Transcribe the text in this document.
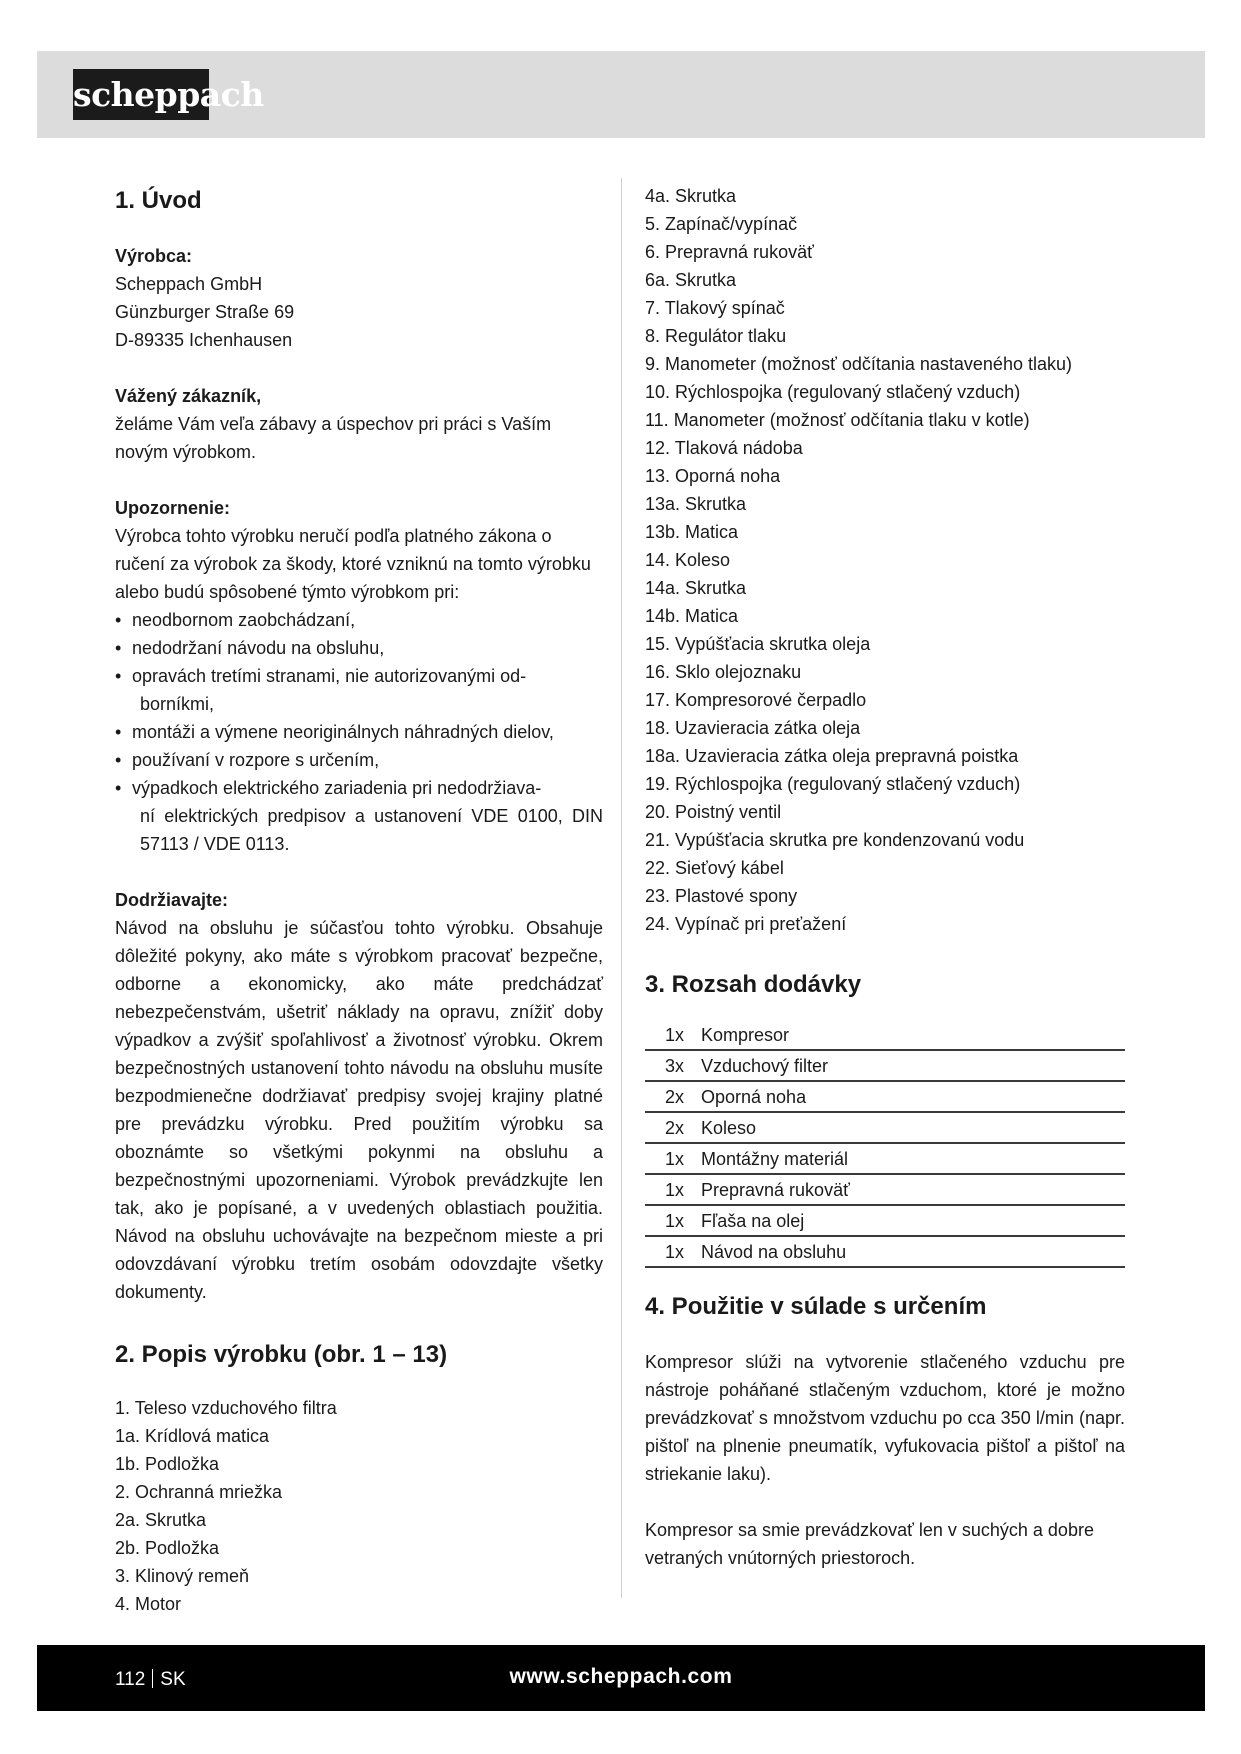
scheppach
1. Úvod
Výrobca:
Scheppach GmbH
Günzburger Straße 69
D-89335 Ichenhausen
Vážený zákazník,
želáme Vám veľa zábavy a úspechov pri práci s Vaším novým výrobkom.
Upozornenie:
Výrobca tohto výrobku neručí podľa platného zákona o ručení za výrobok za škody, ktoré vzniknú na tomto výrobku alebo budú spôsobené týmto výrobkom pri:
• neodbornom zaobchádzaní,
• nedodržaní návodu na obsluhu,
• opravách tretími stranami, nie autorizovanými od-
borníkmi,
• montáži a výmene neoriginálnych náhradných dielov,
• používaní v rozpore s určením,
• výpadkoch elektrického zariadenia pri nedodržiava-
ní elektrických predpisov a ustanovení VDE 0100, DIN 57113 / VDE 0113.
Dodržiavajte:
Návod na obsluhu je súčasťou tohto výrobku. Obsahuje dôležité pokyny, ako máte s výrobkom pracovať bezpečne, odborne a ekonomicky, ako máte predchádzať nebezpečenstvám, ušetriť náklady na opravu, znížiť doby výpadkov a zvýšiť spoľahlivosť a životnosť výrobku. Okrem bezpečnostných ustanovení tohto návodu na obsluhu musíte bezpodmienečne dodržiavať predpisy svojej krajiny platné pre prevádzku výrobku. Pred použitím výrobku sa oboznámte so všetkými pokynmi na obsluhu a bezpečnostnými upozorneniami. Výrobok prevádzkujte len tak, ako je popísané, a v uvedených oblastiach použitia. Návod na obsluhu uchovávajte na bezpečnom mieste a pri odovzdávaní výrobku tretím osobám odovzdajte všetky dokumenty.
2. Popis výrobku (obr. 1 – 13)
1. Teleso vzduchového filtra
1a. Krídlová matica
1b. Podložka
2. Ochranná mriežka
2a. Skrutka
2b. Podložka
3. Klinový remeň
4. Motor
4a. Skrutka
5. Zapínač/vypínač
6. Prepravná rukoväť
6a. Skrutka
7. Tlakový spínač
8. Regulátor tlaku
9. Manometer (možnosť odčítania nastaveného tlaku)
10. Rýchlospojka (regulovaný stlačený vzduch)
11. Manometer (možnosť odčítania tlaku v kotle)
12. Tlaková nádoba
13. Oporná noha
13a. Skrutka
13b. Matica
14. Koleso
14a. Skrutka
14b. Matica
15. Vypúšťacia skrutka oleja
16. Sklo olejoznaku
17. Kompresorové čerpadlo
18. Uzavieracia zátka oleja
18a. Uzavieracia zátka oleja prepravná poistka
19. Rýchlospojka (regulovaný stlačený vzduch)
20. Poistný ventil
21. Vypúšťacia skrutka pre kondenzovanú vodu
22. Sieťový kábel
23. Plastové spony
24. Vypínač pri preťažení
3. Rozsah dodávky
1x	Kompresor
3x	Vzduchový filter
2x	Oporná noha
2x	Koleso
1x	Montážny materiál
1x	Prepravná rukoväť
1x	Fľaša na olej
1x	Návod na obsluhu
4. Použitie v súlade s určením
Kompresor slúži na vytvorenie stlačeného vzduchu pre nástroje poháňané stlačeným vzduchom, ktoré je možno prevádzkovať s množstvom vzduchu po cca 350 l/min (napr. pištoľ na plnenie pneumatík, vyfukovacia pištoľ a pištoľ na striekanie laku).
Kompresor sa smie prevádzkovať len v suchých a dobre vetraných vnútorných priestoroch.
112 SK	www.scheppach.com
